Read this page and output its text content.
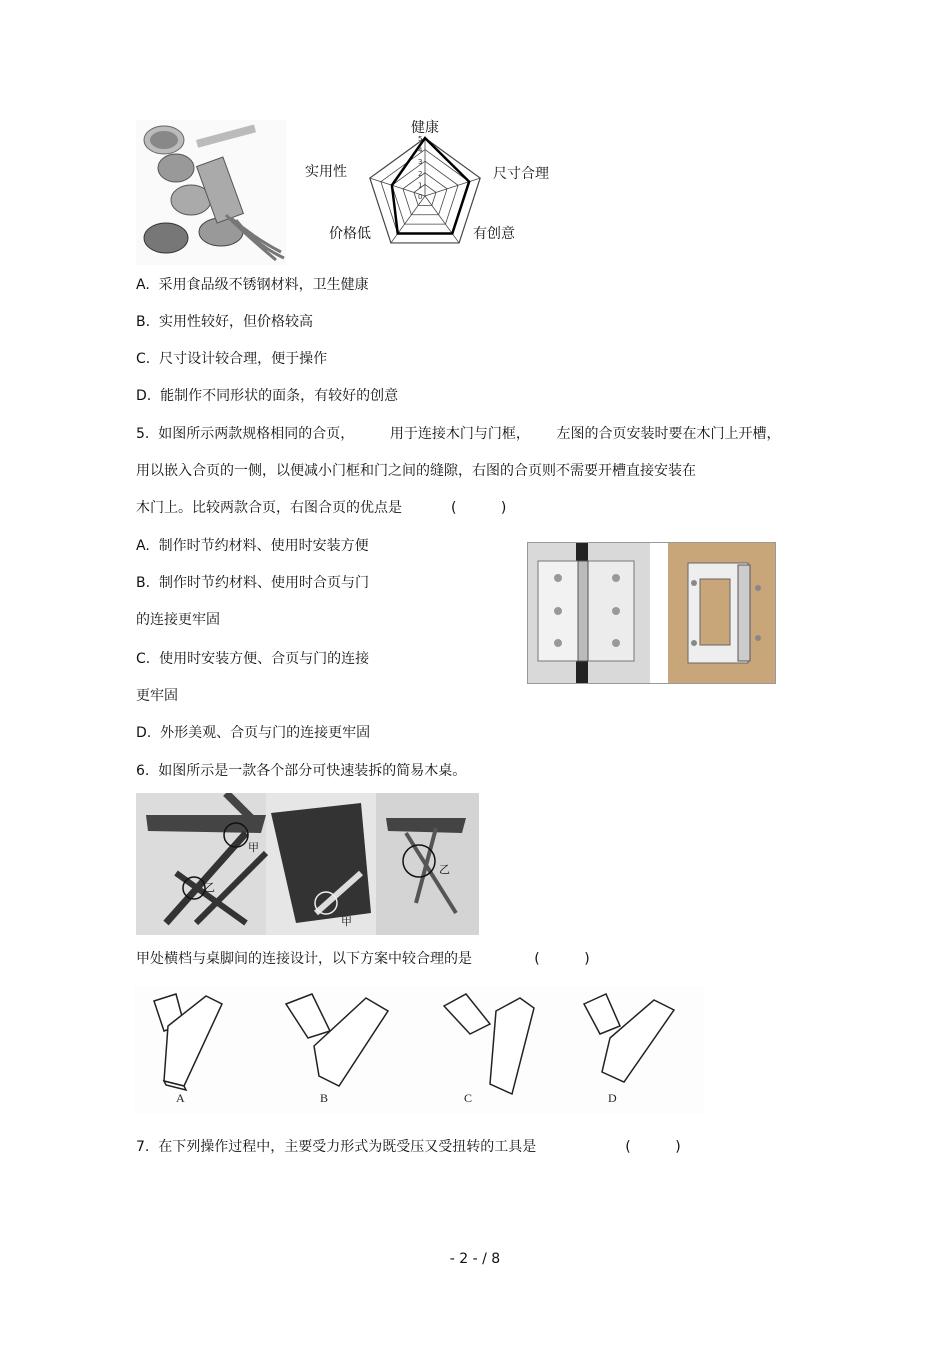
5
4
3
2
1
0
健康
尺寸合理
有创意
价格低
实用性
A.  采用食品级不锈钢材料，卫生健康
B.  实用性较好，但价格较高
C.  尺寸设计较合理，便于操作
D.  能制作不同形状的面条，有较好的创意
5.  如图所示两款规格相同的合页，        用于连接木门与门框，      左图的合页安装时要在木门上开槽，
用以嵌入合页的一侧，以便减小门框和门之间的缝隙，右图的合页则不需要开槽直接安装在
木门上。比较两款合页，右图合页的优点是           (          )
A.  制作时节约材料、使用时安装方便
B.  制作时节约材料、使用时合页与门
的连接更牢固
C.  使用时安装方便、合页与门的连接
更牢固
D.  外形美观、合页与门的连接更牢固
6.  如图所示是一款各个部分可快速装拆的简易木桌。
甲
乙
甲
乙
甲处横档与桌脚间的连接设计，以下方案中较合理的是              (          )
A	B	C	D
7.  在下列操作过程中，主要受力形式为既受压又受扭转的工具是                    (          )
- 2 - / 8
